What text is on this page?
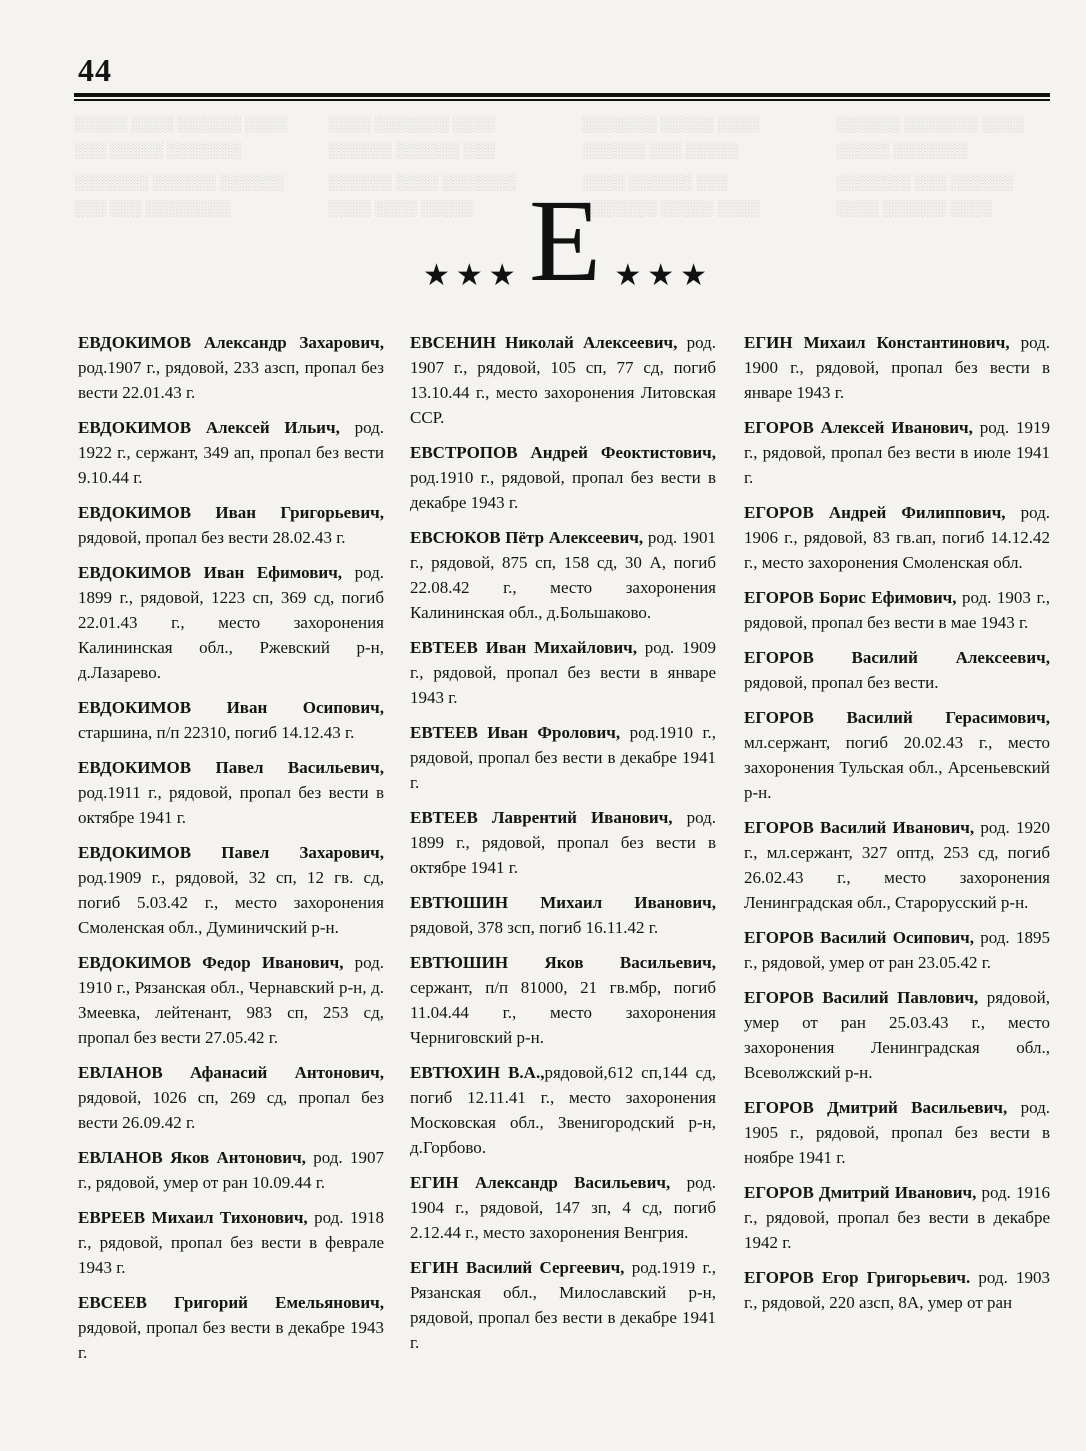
44

░░░░░ ░░░░ ░░░░░░ ░░░░ ░░░ ░░░░░ ░░░░░░░

░░░░░░░ ░░░░░░ ░░░░░░ ░░░ ░░░ ░░░░░░░░

░░░░ ░░░░░░░ ░░░░ ░░░░░░ ░░░░░░ ░░░

░░░░░░ ░░░░ ░░░░░░░ ░░░░ ░░░░ ░░░░░

░░░░░░░ ░░░░░ ░░░░ ░░░░░░ ░░░ ░░░░░

░░░░ ░░░░░░ ░░░ ░░░░░░░ ░░░░░ ░░░░

░░░░░░ ░░░░░░░ ░░░░ ░░░░░ ░░░░░░░

░░░░░░░ ░░░ ░░░░░░ ░░░░ ░░░░░░ ░░░░

★★★ Е ★★★

ЕВДОКИМОВ Александр Захарович, род.1907 г., рядовой, 233 азсп, пропал без вести 22.01.43 г.

ЕВДОКИМОВ Алексей Ильич, род. 1922 г., сержант, 349 ап, пропал без вести 9.10.44 г.

ЕВДОКИМОВ Иван Григорьевич, рядовой, пропал без вести 28.02.43 г.

ЕВДОКИМОВ Иван Ефимович, род. 1899 г., рядовой, 1223 сп, 369 сд, погиб 22.01.43 г., место захоронения Калининская обл., Ржевский р-н, д.Лазарево.

ЕВДОКИМОВ Иван Осипович, старшина, п/п 22310, погиб 14.12.43 г.

ЕВДОКИМОВ Павел Васильевич, род.1911 г., рядовой, пропал без вести в октябре 1941 г.

ЕВДОКИМОВ Павел Захарович, род.1909 г., рядовой, 32 сп, 12 гв. сд, погиб 5.03.42 г., место захоронения Смоленская обл., Думиничский р-н.

ЕВДОКИМОВ Федор Иванович, род. 1910 г., Рязанская обл., Чернавский р-н, д. Змеевка, лейтенант, 983 сп, 253 сд, пропал без вести 27.05.42 г.

ЕВЛАНОВ Афанасий Антонович, рядовой, 1026 сп, 269 сд, пропал без вести 26.09.42 г.

ЕВЛАНОВ Яков Антонович, род. 1907 г., рядовой, умер от ран 10.09.44 г.

ЕВРЕЕВ Михаил Тихонович, род. 1918 г., рядовой, пропал без вести в феврале 1943 г.

ЕВСЕЕВ Григорий Емельянович, рядовой, пропал без вести в декабре 1943 г.

ЕВСЕНИН Николай Алексеевич, род. 1907 г., рядовой, 105 сп, 77 сд, погиб 13.10.44 г., место захоронения Литовская ССР.

ЕВСТРОПОВ Андрей Феоктистович, род.1910 г., рядовой, пропал без вести в декабре 1943 г.

ЕВСЮКОВ Пётр Алексеевич, род. 1901 г., рядовой, 875 сп, 158 сд, 30 А, погиб 22.08.42 г., место захоронения Калининская обл., д.Большаково.

ЕВТЕЕВ Иван Михайлович, род. 1909 г., рядовой, пропал без вести в январе 1943 г.

ЕВТЕЕВ Иван Фролович, род.1910 г., рядовой, пропал без вести в декабре 1941 г.

ЕВТЕЕВ Лаврентий Иванович, род. 1899 г., рядовой, пропал без вести в октябре 1941 г.

ЕВТЮШИН Михаил Иванович, рядовой, 378 зсп, погиб 16.11.42 г.

ЕВТЮШИН Яков Васильевич, сержант, п/п 81000, 21 гв.мбр, погиб 11.04.44 г., место захоронения Черниговский р-н.

ЕВТЮХИН В.А.,рядовой,612 сп,144 сд, погиб 12.11.41 г., место захоронения Московская обл., Звенигородский р-н, д.Горбово.

ЕГИН Александр Васильевич, род. 1904 г., рядовой, 147 зп, 4 сд, погиб 2.12.44 г., место захоронения Венгрия.

ЕГИН Василий Сергеевич, род.1919 г., Рязанская обл., Милославский р-н, рядовой, пропал без вести в декабре 1941 г.

ЕГИН Михаил Константинович, род. 1900 г., рядовой, пропал без вести в январе 1943 г.

ЕГОРОВ Алексей Иванович, род. 1919 г., рядовой, пропал без вести в июле 1941 г.

ЕГОРОВ Андрей Филиппович, род. 1906 г., рядовой, 83 гв.ап, погиб 14.12.42 г., место захоронения Смоленская обл.

ЕГОРОВ Борис Ефимович, род. 1903 г., рядовой, пропал без вести в мае 1943 г.

ЕГОРОВ Василий Алексеевич, рядовой, пропал без вести.

ЕГОРОВ Василий Герасимович, мл.сержант, погиб 20.02.43 г., место захоронения Тульская обл., Арсеньевский р-н.

ЕГОРОВ Василий Иванович, род. 1920 г., мл.сержант, 327 оптд, 253 сд, погиб 26.02.43 г., место захоронения Ленинградская обл., Старорусский р-н.

ЕГОРОВ Василий Осипович, род. 1895 г., рядовой, умер от ран 23.05.42 г.

ЕГОРОВ Василий Павлович, рядовой, умер от ран 25.03.43 г., место захоронения Ленинградская обл., Всеволжский р-н.

ЕГОРОВ Дмитрий Васильевич, род. 1905 г., рядовой, пропал без вести в ноябре 1941 г.

ЕГОРОВ Дмитрий Иванович, род. 1916 г., рядовой, пропал без вести в декабре 1942 г.

ЕГОРОВ Егор Григорьевич. род. 1903 г., рядовой, 220 азсп, 8А, умер от ран
